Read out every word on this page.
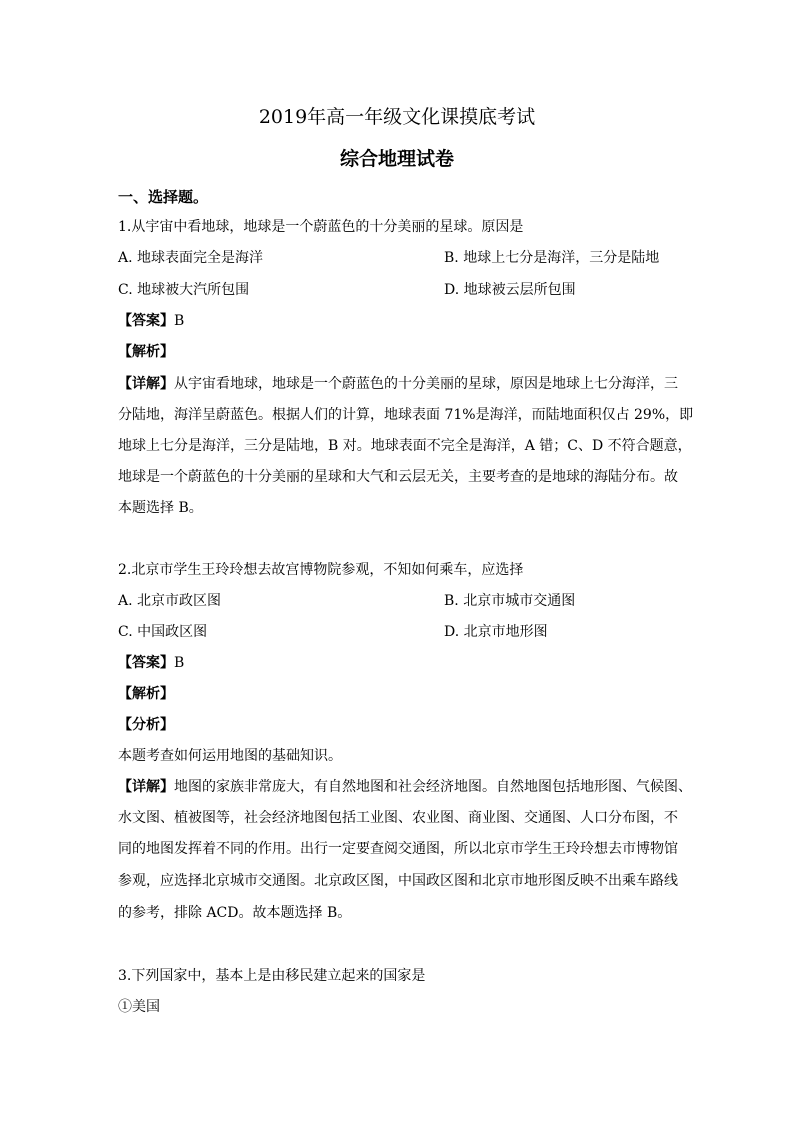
2019年高一年级文化课摸底考试
综合地理试卷
一、选择题。
1.从宇宙中看地球，地球是一个蔚蓝色的十分美丽的星球。原因是
A. 地球表面完全是海洋	B. 地球上七分是海洋，三分是陆地
C. 地球被大汽所包围	D. 地球被云层所包围
【答案】B
【解析】
【详解】从宇宙看地球，地球是一个蔚蓝色的十分美丽的星球，原因是地球上七分海洋，三
分陆地，海洋呈蔚蓝色。根据人们的计算，地球表面 71%是海洋，而陆地面积仅占 29%，即
地球上七分是海洋，三分是陆地，B 对。地球表面不完全是海洋，A 错；C、D 不符合题意，
地球是一个蔚蓝色的十分美丽的星球和大气和云层无关，主要考查的是地球的海陆分布。故
本题选择 B。
2.北京市学生王玲玲想去故宫博物院参观，不知如何乘车，应选择
A. 北京市政区图	B. 北京市城市交通图
C. 中国政区图	D. 北京市地形图
【答案】B
【解析】
【分析】
本题考查如何运用地图的基础知识。
【详解】地图的家族非常庞大，有自然地图和社会经济地图。自然地图包括地形图、气候图、
水文图、植被图等，社会经济地图包括工业图、农业图、商业图、交通图、人口分布图，不
同的地图发挥着不同的作用。出行一定要查阅交通图，所以北京市学生王玲玲想去市博物馆
参观，应选择北京城市交通图。北京政区图，中国政区图和北京市地形图反映不出乘车路线
的参考，排除 ACD。故本题选择 B。
3.下列国家中，基本上是由移民建立起来的国家是
①美国
